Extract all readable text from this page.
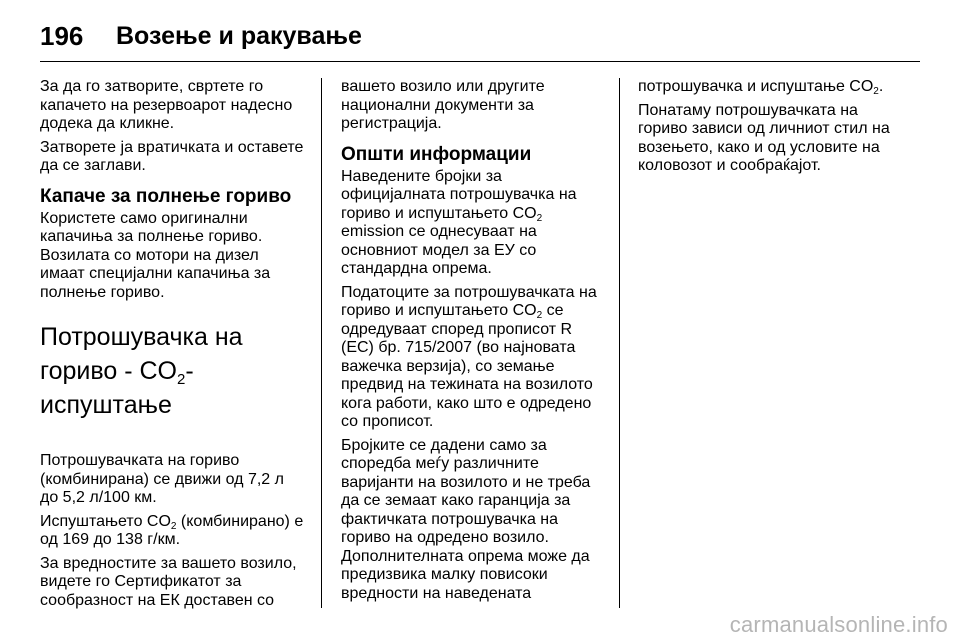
196	Возење и ракување

За да го затворите, свртете го капачето на резервоарот надесно додека да кликне.

Затворете ја вратичката и оставете да се заглави.

Капаче за полнење гориво

Користете само оригинални капачиња за полнење гориво. Возилата со мотори на дизел имаат специјални капачиња за полнење гориво.

Потрошувачка на гориво - $CO_2$-испуштање

Потрошувачката на гориво (комбинирана) се движи од 7,2 л до 5,2 л/100 км.

Испуштањето $CO_2$ (комбинирано) е од 169 до 138 г/км.

За вредностите за вашето возило, видете го Сертификатот за сообразност на ЕК доставен со

вашето возило или другите национални документи за регистрација.

Општи информации

Наведените бројки за официјалната потрошувачка на гориво и испуштањето $CO_2$ emission се однесуваат на основниот модел за ЕУ со стандардна опрема.

Податоците за потрошувачката на гориво и испуштањето $CO_2$ се одредуваат според прописот R (EC) бр. 715/2007 (во најновата важечка верзија), со земање предвид на тежината на возилото кога работи, како што е одредено со прописот.

Бројките се дадени само за споредба меѓу различните варијанти на возилото и не треба да се земаат како гаранција за фактичката потрошувачка на гориво на одредено возило. Дополнителната опрема може да предизвика малку повисоки вредности на наведената

потрошувачка и испуштање $CO_2$.

Понатаму потрошувачката на гориво зависи од личниот стил на возењето, како и од условите на коловозот и сообраќајот.

carmanualsonline.info
